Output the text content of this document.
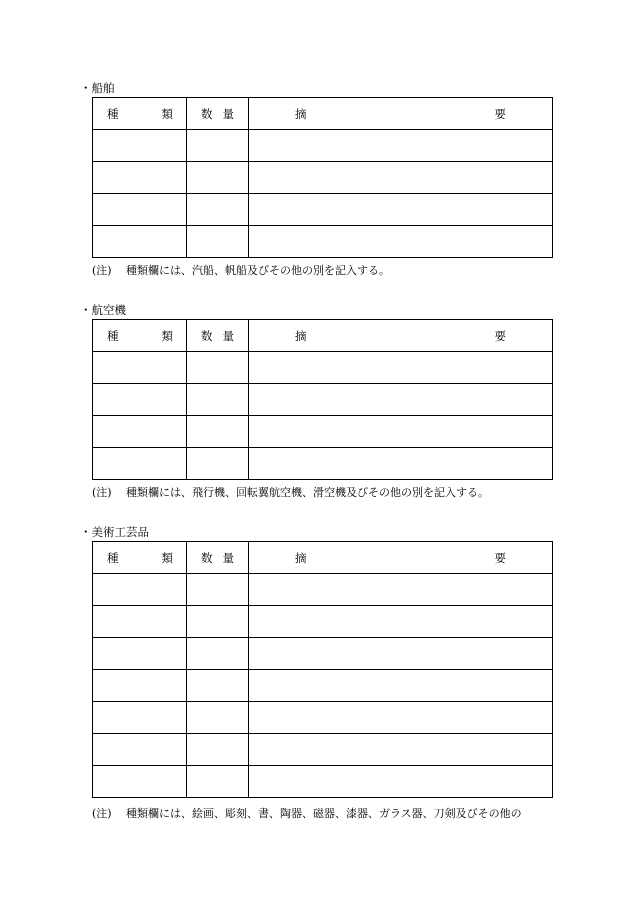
・船舶
種 類	数 量	摘 要

(注) 種類欄には、汽船、帆船及びその他の別を記入する。
・航空機
種 類	数 量	摘 要

(注) 種類欄には、飛行機、回転翼航空機、滑空機及びその他の別を記入する。
・美術工芸品
種 類	数 量	摘 要

(注) 種類欄には、絵画、彫刻、書、陶器、磁器、漆器、ガラス器、刀剣及びその他の
